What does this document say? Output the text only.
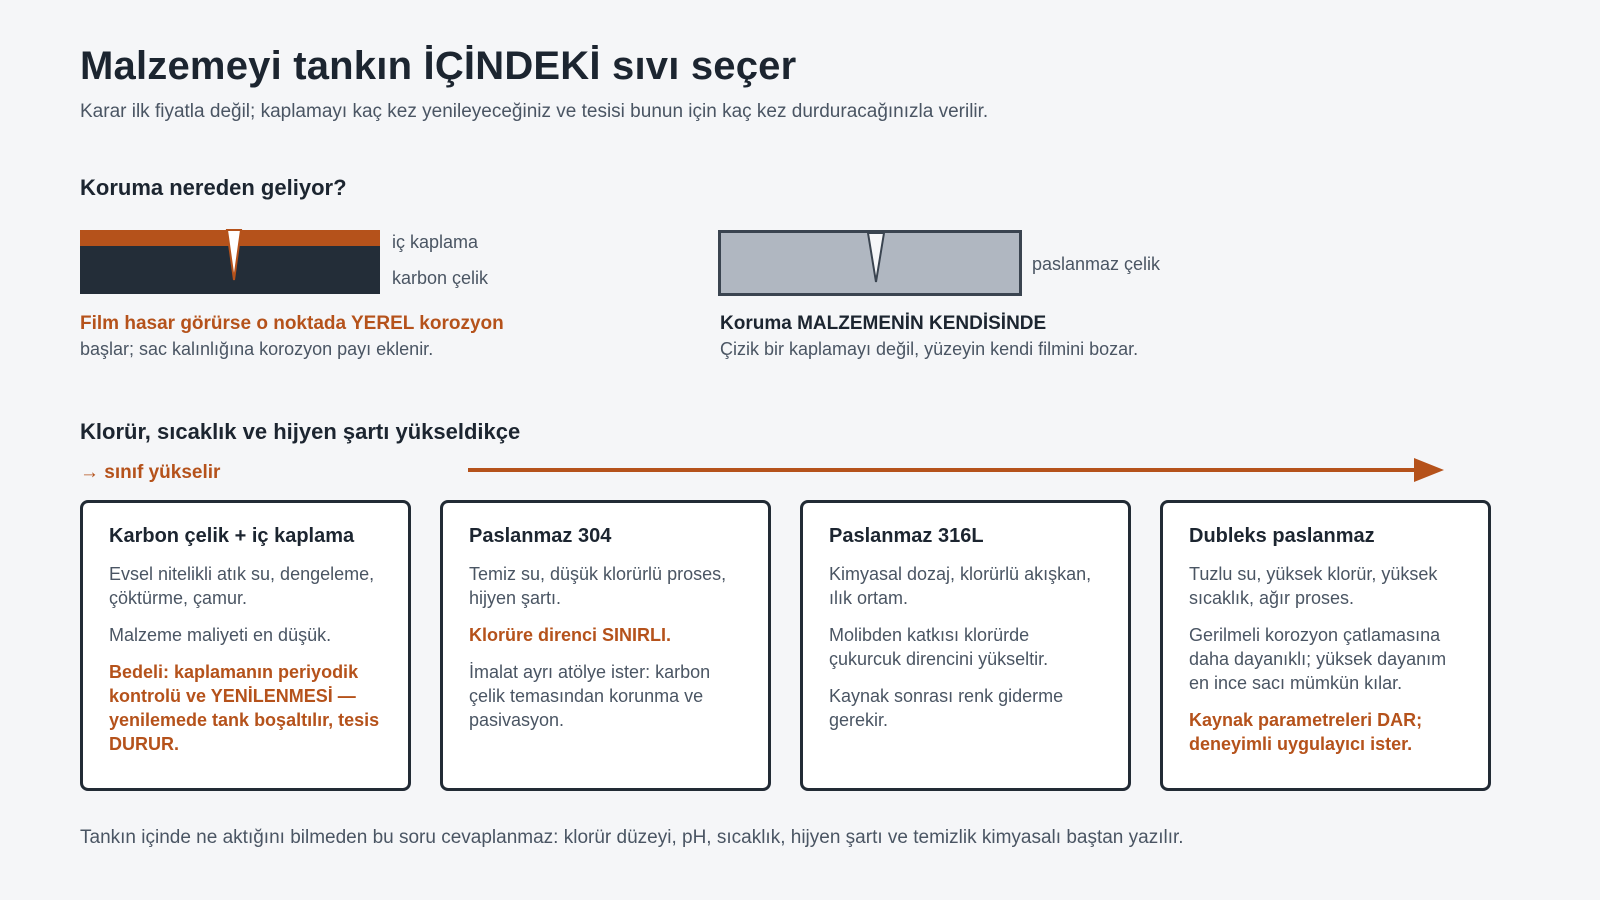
Malzemeyi tankın İÇİNDEKİ sıvı seçer
Karar ilk fiyatla değil; kaplamayı kaç kez yenileyeceğiniz ve tesisi bunun için kaç kez durduracağınızla verilir.
Koruma nereden geliyor?
iç kaplama
karbon çelik
Film hasar görürse o noktada YEREL korozyon
başlar; sac kalınlığına korozyon payı eklenir.
paslanmaz çelik
Koruma MALZEMENİN KENDİSİNDE
Çizik bir kaplamayı değil, yüzeyin kendi filmini bozar.
Klorür, sıcaklık ve hijyen şartı yükseldikçe
→ sınıf yükselir
Karbon çelik + iç kaplama

Evsel nitelikli atık su, dengeleme, çöktürme, çamur.

Malzeme maliyeti en düşük.

Bedeli: kaplamanın periyodik kontrolü ve YENİLENMESİ — yenilemede tank boşaltılır, tesis DURUR.

Paslanmaz 304

Temiz su, düşük klorürlü proses, hijyen şartı.

Klorüre direnci SINIRLI.

İmalat ayrı atölye ister: karbon çelik temasından korunma ve pasivasyon.

Paslanmaz 316L

Kimyasal dozaj, klorürlü akışkan, ılık ortam.

Molibden katkısı klorürde çukurcuk direncini yükseltir.

Kaynak sonrası renk giderme gerekir.

Dubleks paslanmaz

Tuzlu su, yüksek klorür, yüksek sıcaklık, ağır proses.

Gerilmeli korozyon çatlamasına daha dayanıklı; yüksek dayanım en ince sacı mümkün kılar.

Kaynak parametreleri DAR; deneyimli uygulayıcı ister.

Tankın içinde ne aktığını bilmeden bu soru cevaplanmaz: klorür düzeyi, pH, sıcaklık, hijyen şartı ve temizlik kimyasalı baştan yazılır.
